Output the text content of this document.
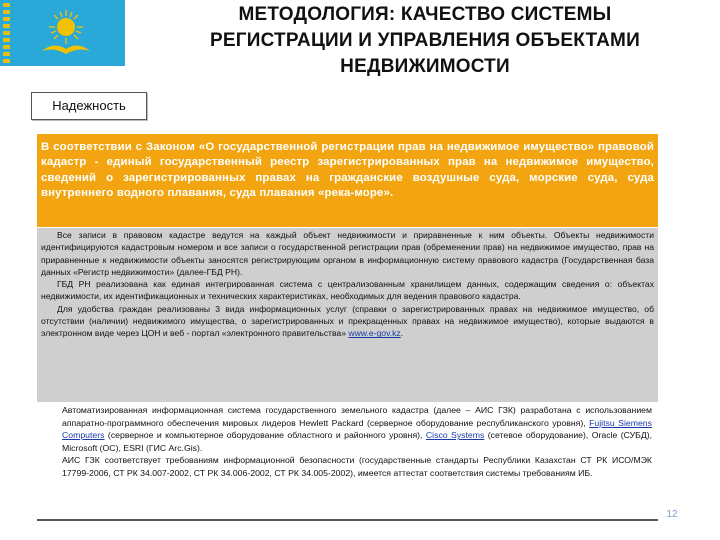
МЕТОДОЛОГИЯ: КАЧЕСТВО СИСТЕМЫ
РЕГИСТРАЦИИ И УПРАВЛЕНИЯ ОБЪЕКТАМИ
НЕДВИЖИМОСТИ
Надежность

В соответствии с Законом «О государственной регистрации прав на недвижимое имущество» правовой кадастр - единый государственный реестр зарегистрированных прав на недвижимое имущество, сведений о зарегистрированных правах на гражданские воздушные суда, морские суда, суда внутреннего водного плавания, суда плавания «река-море».

Все записи в правовом кадастре ведутся на каждый объект недвижимости и приравненные к ним объекты. Объекты недвижимости идентифицируются кадастровым номером и все записи о государственной регистрации прав (обременении прав) на недвижимое имущество, прав на приравненные к недвижимости объекты заносятся регистрирующим органом в информационную систему правового кадастра (Государственная база данных «Регистр недвижимости» (далее-ГБД РН).

ГБД РН реализована как единая интегрированная система с централизованным хранилищем данных, содержащим сведения о: объектах недвижимости, их идентификационных и технических характеристиках, необходимых для ведения правового кадастра.

Для удобства граждан реализованы 3 вида информационных услуг (справки о зарегистрированных правах на недвижимое имущество, об отсутствии (наличии) недвижимого имущества, о зарегистрированных и прекращенных правах на недвижимое имущество), которые выдаются в электронном виде через ЦОН и веб - портал «электронного правительства» www.e-gov.kz.

Автоматизированная информационная система государственного земельного кадастра (далее – АИС ГЗК) разработана с использованием аппаратно-программного обеспечения мировых лидеров Hewlett Packard (серверное оборудование республиканского уровня), Fujitsu Siemens Computers (серверное и компьютерное оборудование областного и районного уровня), Cisco Systems (сетевое оборудование), Oracle (СУБД), Microsoft (ОС), ESRI (ГИС Arc.Gis).

АИС ГЗК соответствует требованиям информационной безопасности (государственные стандарты Республики Казахстан СТ РК ИСО/МЭК 17799-2006, СТ РК 34.007-2002, СТ РК 34.006-2002, СТ РК 34.005-2002), имеется аттестат соответствия системы требованиям ИБ.

12
